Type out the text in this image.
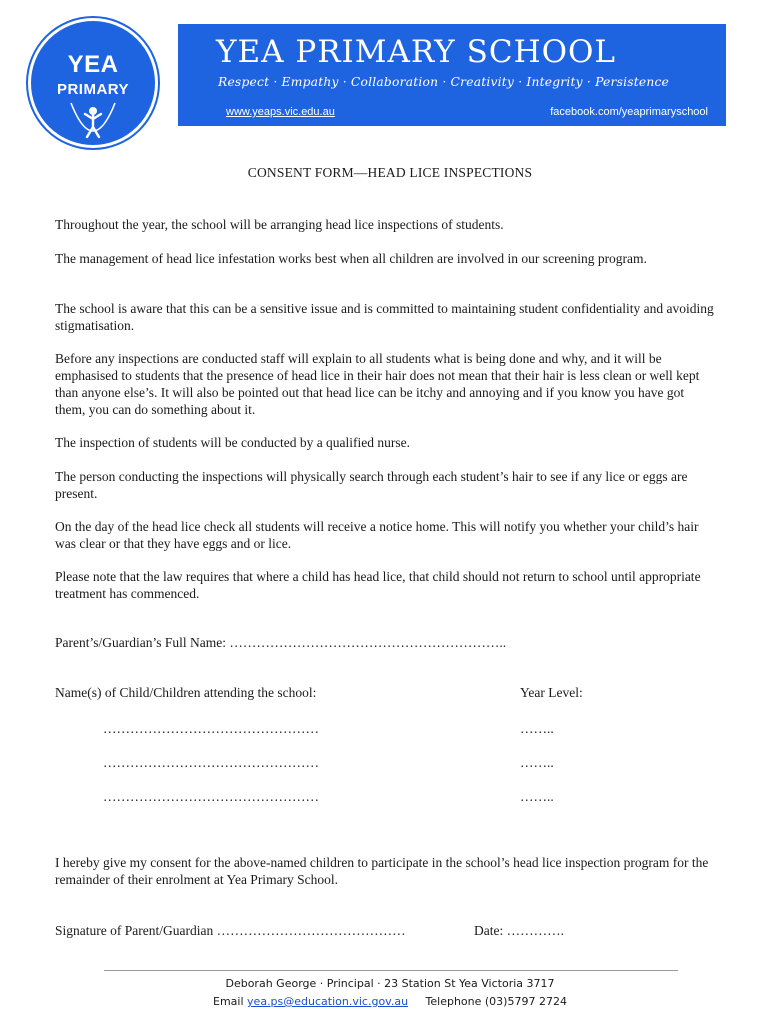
YEA
PRIMARY
YEA PRIMARY SCHOOL
Respect · Empathy · Collaboration · Creativity · Integrity · Persistence
www.yeaps.vic.edu.au	facebook.com/yeaprimaryschool
CONSENT FORM—HEAD LICE INSPECTIONS
Throughout the year, the school will be arranging head lice inspections of students.
The management of head lice infestation works best when all children are involved in our screening program.
The school is aware that this can be a sensitive issue and is committed to maintaining student confidentiality and avoiding stigmatisation.
Before any inspections are conducted staff will explain to all students what is being done and why, and it will be emphasised to students that the presence of head lice in their hair does not mean that their hair is less clean or well kept than anyone else’s. It will also be pointed out that head lice can be itchy and annoying and if you know you have got them, you can do something about it.
The inspection of students will be conducted by a qualified nurse.
The person conducting the inspections will physically search through each student’s hair to see if any lice or eggs are present.
On the day of the head lice check all students will receive a notice home. This will notify you whether your child’s hair was clear or that they have eggs and or lice.
Please note that the law requires that where a child has head lice, that child should not return to school until appropriate treatment has commenced.
Parent’s/Guardian’s Full Name: ……………………………………………………..
Name(s) of Child/Children attending the school:	Year Level:
…………………………………………	……..
…………………………………………	……..
…………………………………………	……..
I hereby give my consent for the above-named children to participate in the school’s head lice inspection program for the remainder of their enrolment at Yea Primary School.
Signature of Parent/Guardian ……………………………………	Date: ………….
Deborah George · Principal · 23 Station St Yea Victoria 3717
Email yea.ps@education.vic.gov.au Telephone (03)5797 2724
